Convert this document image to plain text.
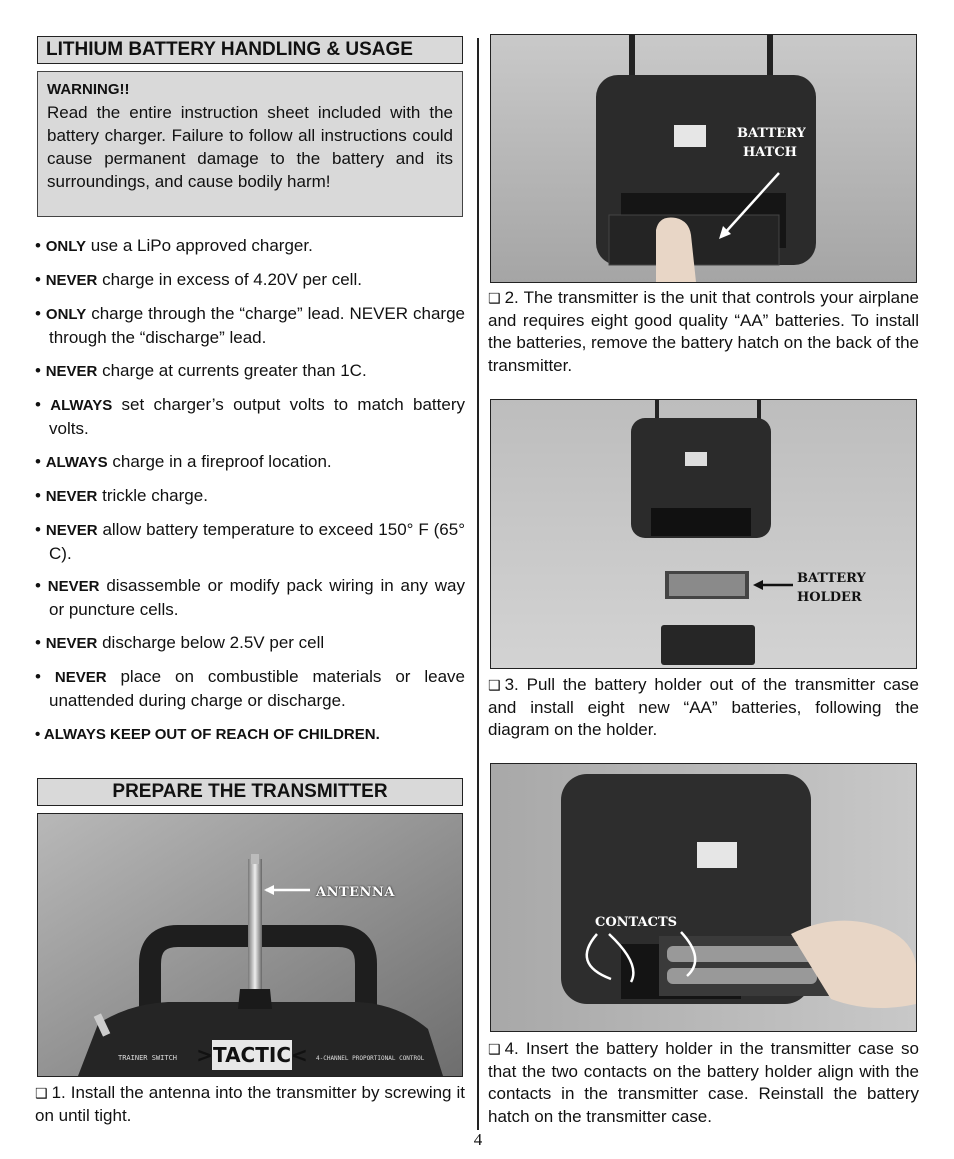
LITHIUM BATTERY HANDLING & USAGE
WARNING!!
Read the entire instruction sheet included with the battery charger. Failure to follow all instructions could cause permanent damage to the battery and its surroundings, and cause bodily harm!
• ONLY use a LiPo approved charger.
• NEVER charge in excess of 4.20V per cell.
• ONLY charge through the “charge” lead. NEVER charge through the “discharge” lead.
• NEVER charge at currents greater than 1C.
• ALWAYS set charger’s output volts to match battery volts.
• ALWAYS charge in a fireproof location.
• NEVER trickle charge.
• NEVER allow battery temperature to exceed 150° F (65° C).
• NEVER disassemble or modify pack wiring in any way or puncture cells.
• NEVER discharge below 2.5V per cell
• NEVER place on combustible materials or leave unattended during charge or discharge.
• ALWAYS KEEP OUT OF REACH OF CHILDREN.
PREPARE THE TRANSMITTER
>TACTIC<
TRAINER SWITCH	4-CHANNEL PROPORTIONAL CONTROL
ANTENNA
❑ 1. Install the antenna into the transmitter by screwing it on until tight.
BATTERY
HATCH
❑ 2. The transmitter is the unit that controls your airplane and requires eight good quality “AA” batteries. To install the batteries, remove the battery hatch on the back of the transmitter.
BATTERY
HOLDER
❑ 3. Pull the battery holder out of the transmitter case and install eight new “AA” batteries, following the diagram on the holder.
CONTACTS
❑ 4. Insert the battery holder in the transmitter case so that the two contacts on the battery holder align with the contacts in the transmitter case. Reinstall the battery hatch on the transmitter case.
4
